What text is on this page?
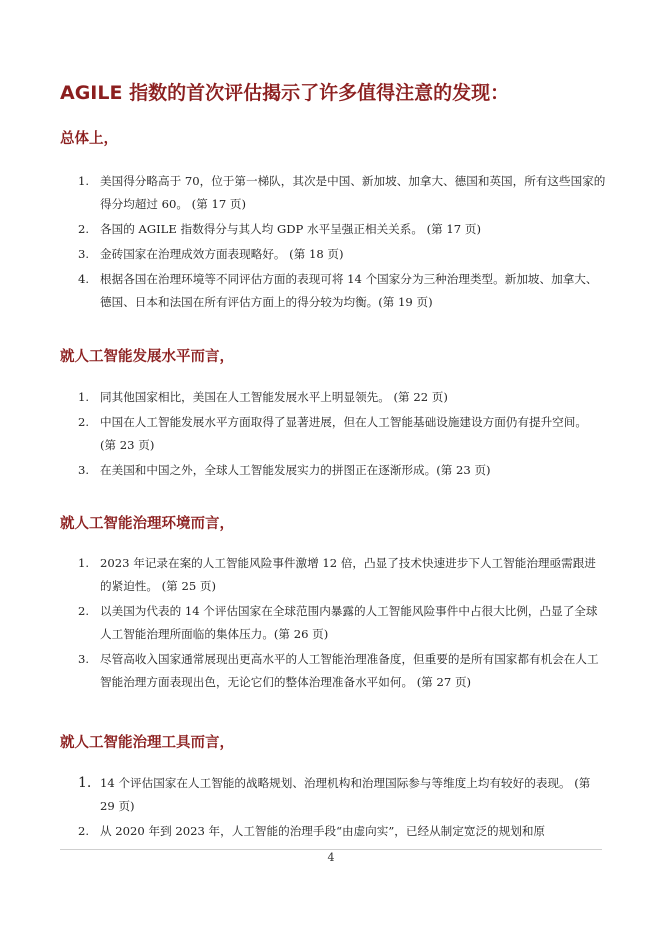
AGILE 指数的首次评估揭示了许多值得注意的发现：
总体上，
1. 美国得分略高于 70，位于第一梯队，其次是中国、新加坡、加拿大、德国和英国，所有这些国家的得分均超过 60。 (第 17 页)
2. 各国的 AGILE 指数得分与其人均 GDP 水平呈强正相关关系。 (第 17 页)
3. 金砖国家在治理成效方面表现略好。 (第 18 页)
4. 根据各国在治理环境等不同评估方面的表现可将 14 个国家分为三种治理类型。新加坡、加拿大、德国、日本和法国在所有评估方面上的得分较为均衡。(第 19 页)
就人工智能发展水平而言，
1. 同其他国家相比，美国在人工智能发展水平上明显领先。 (第 22 页)
2. 中国在人工智能发展水平方面取得了显著进展，但在人工智能基础设施建设方面仍有提升空间。 (第 23 页)
3. 在美国和中国之外，全球人工智能发展实力的拼图正在逐渐形成。(第 23 页)
就人工智能治理环境而言，
1. 2023 年记录在案的人工智能风险事件激增 12 倍，凸显了技术快速进步下人工智能治理亟需跟进的紧迫性。 (第 25 页)
2. 以美国为代表的 14 个评估国家在全球范围内暴露的人工智能风险事件中占很大比例，凸显了全球人工智能治理所面临的集体压力。(第 26 页)
3. 尽管高收入国家通常展现出更高水平的人工智能治理准备度，但重要的是所有国家都有机会在人工智能治理方面表现出色，无论它们的整体治理准备水平如何。 (第 27 页)
就人工智能治理工具而言，
1. 14 个评估国家在人工智能的战略规划、治理机构和治理国际参与等维度上均有较好的表现。 (第 29 页)
2. 从 2020 年到 2023 年，人工智能的治理手段“由虚向实”，已经从制定宽泛的规划和原
4
